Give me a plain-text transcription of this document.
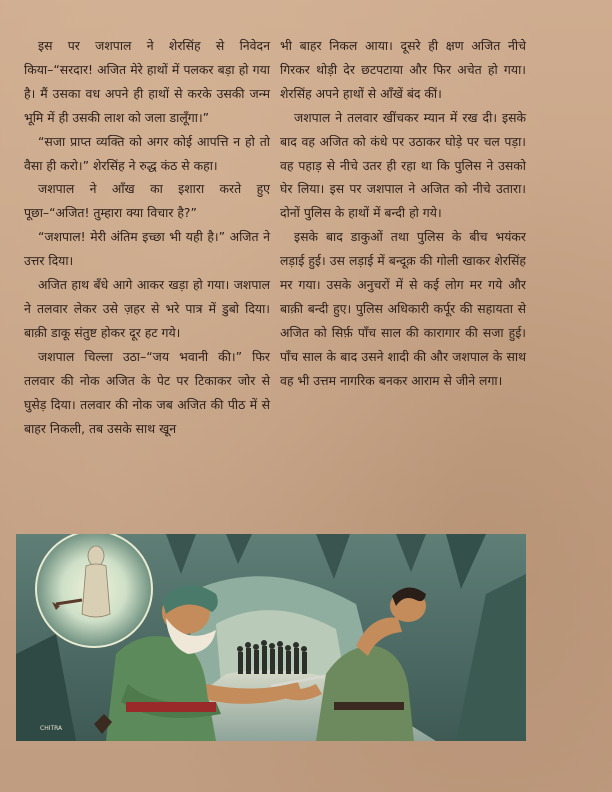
इस पर जशपाल ने शेरसिंह से निवेदन किया–“सरदार! अजित मेरे हाथों में पलकर बड़ा हो गया है। मैं उसका वध अपने ही हाथों से करके उसकी जन्म भूमि में ही उसकी लाश को जला डालूँगा।”

“सजा प्राप्त व्यक्ति को अगर कोई आपत्ति न हो तो वैसा ही करो।” शेरसिंह ने रुद्ध कंठ से कहा।

जशपाल ने आँख का इशारा करते हुए पूछा–“अजित! तुम्हारा क्या विचार है?”

“जशपाल! मेरी अंतिम इच्छा भी यही है।” अजित ने उत्तर दिया।

अजित हाथ बँधे आगे आकर खड़ा हो गया। जशपाल ने तलवार लेकर उसे ज़हर से भरे पात्र में डुबो दिया। बाक़ी डाकू संतुष्ट होकर दूर हट गये।

जशपाल चिल्ला उठा–“जय भवानी की।” फिर तलवार की नोक अजित के पेट पर टिकाकर जोर से घुसेड़ दिया। तलवार की नोक जब अजित की पीठ में से बाहर निकली, तब उसके साथ खून

भी बाहर निकल आया। दूसरे ही क्षण अजित नीचे गिरकर थोड़ी देर छटपटाया और फिर अचेत हो गया। शेरसिंह अपने हाथों से आँखें बंद कीं।

जशपाल ने तलवार खींचकर म्यान में रख दी। इसके बाद वह अजित को कंधे पर उठाकर घोड़े पर चल पड़ा। वह पहाड़ से नीचे उतर ही रहा था कि पुलिस ने उसको घेर लिया। इस पर जशपाल ने अजित को नीचे उतारा। दोनों पुलिस के हाथों में बन्दी हो गये।

इसके बाद डाकुओं तथा पुलिस के बीच भयंकर लड़ाई हुई। उस लड़ाई में बन्दूक़ की गोली खाकर शेरसिंह मर गया। उसके अनुचरों में से कई लोग मर गये और बाक़ी बन्दी हुए। पुलिस अधिकारी कर्पूर की सहायता से अजित को सिर्फ़ पाँच साल की कारागार की सजा हुई। पाँच साल के बाद उसने शादी की और जशपाल के साथ वह भी उत्तम नागरिक बनकर आराम से जीने लगा।

CHITRA
